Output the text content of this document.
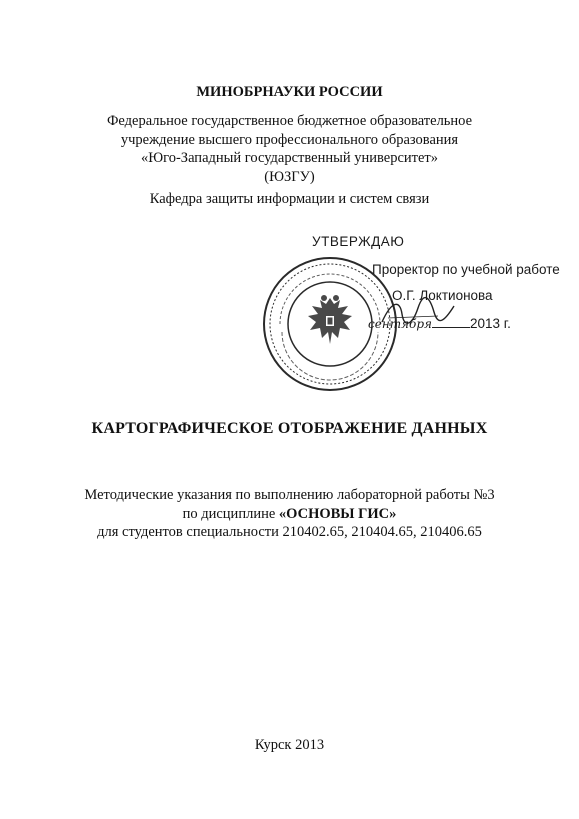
МИНОБРНАУКИ РОССИИ
Федеральное государственное бюджетное образовательное
учреждение высшего профессионального образования
«Юго-Западный государственный университет»
(ЮЗГУ)
Кафедра защиты информации и систем связи
УТВЕРЖДАЮ
Проректор по учебной работе
О.Г. Локтионова
сентября	2013 г.
КАРТОГРАФИЧЕСКОЕ ОТОБРАЖЕНИЕ ДАННЫХ
Методические указания по выполнению лабораторной работы №3
по дисциплине «ОСНОВЫ ГИС»
для студентов специальности 210402.65, 210404.65, 210406.65
Курск 2013
